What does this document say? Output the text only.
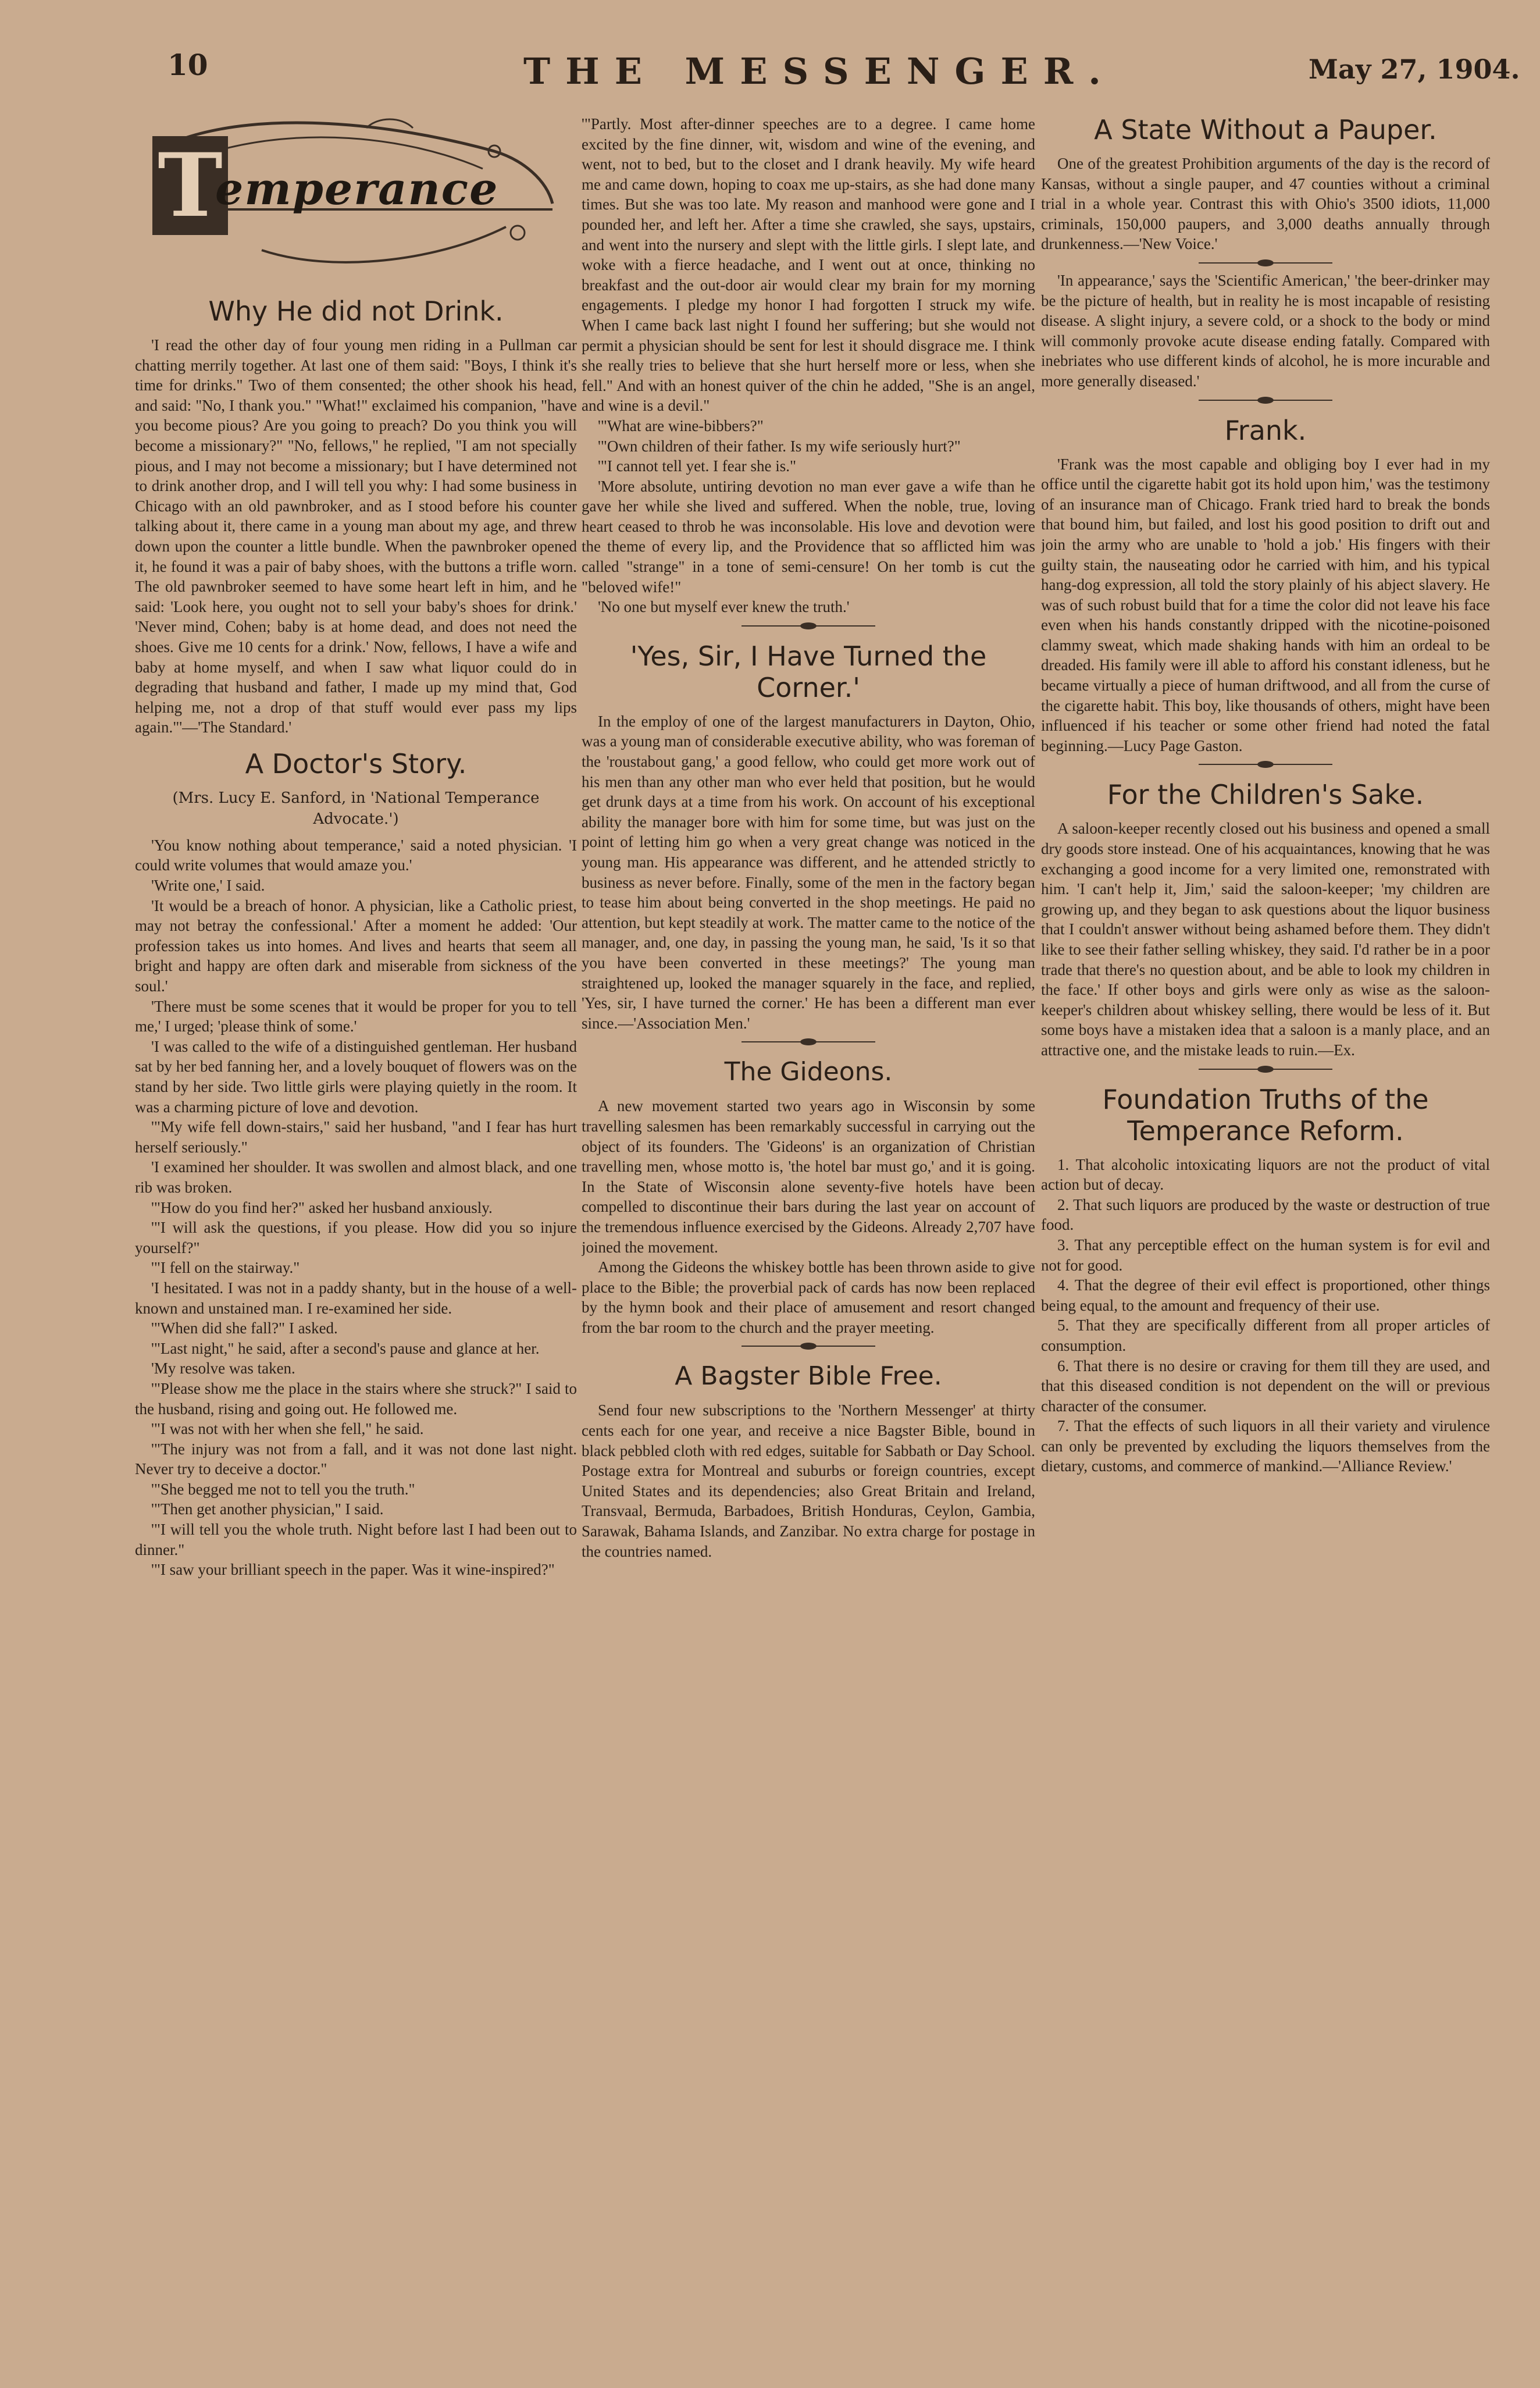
10	THE MESSENGER.	May 27, 1904.
T
emperance
Why He did not Drink.

'I read the other day of four young men riding in a Pullman car chatting merrily together. At last one of them said: "Boys, I think it's time for drinks." Two of them consented; the other shook his head, and said: "No, I thank you." "What!" exclaimed his companion, "have you become pious? Are you going to preach? Do you think you will become a missionary?" "No, fellows," he replied, "I am not specially pious, and I may not become a missionary; but I have determined not to drink another drop, and I will tell you why: I had some business in Chicago with an old pawnbroker, and as I stood before his counter talking about it, there came in a young man about my age, and threw down upon the counter a little bundle. When the pawnbroker opened it, he found it was a pair of baby shoes, with the buttons a trifle worn. The old pawnbroker seemed to have some heart left in him, and he said: 'Look here, you ought not to sell your baby's shoes for drink.' 'Never mind, Cohen; baby is at home dead, and does not need the shoes. Give me 10 cents for a drink.' Now, fellows, I have a wife and baby at home myself, and when I saw what liquor could do in degrading that husband and father, I made up my mind that, God helping me, not a drop of that stuff would ever pass my lips again."'—'The Standard.'

A Doctor's Story.
(Mrs. Lucy E. Sanford, in 'National Temperance Advocate.')

'You know nothing about temperance,' said a noted physician. 'I could write volumes that would amaze you.'

'Write one,' I said.

'It would be a breach of honor. A physician, like a Catholic priest, may not betray the confessional.' After a moment he added: 'Our profession takes us into homes. And lives and hearts that seem all bright and happy are often dark and miserable from sickness of the soul.'

'There must be some scenes that it would be proper for you to tell me,' I urged; 'please think of some.'

'I was called to the wife of a distinguished gentleman. Her husband sat by her bed fanning her, and a lovely bouquet of flowers was on the stand by her side. Two little girls were playing quietly in the room. It was a charming picture of love and devotion.

'"My wife fell down-stairs," said her husband, "and I fear has hurt herself seriously."

'I examined her shoulder. It was swollen and almost black, and one rib was broken.

'"How do you find her?" asked her husband anxiously.

'"I will ask the questions, if you please. How did you so injure yourself?"

'"I fell on the stairway."

'I hesitated. I was not in a paddy shanty, but in the house of a well-known and unstained man. I re-examined her side.

'"When did she fall?" I asked.

'"Last night," he said, after a second's pause and glance at her.

'My resolve was taken.

'"Please show me the place in the stairs where she struck?" I said to the husband, rising and going out. He followed me.

'"I was not with her when she fell," he said.

'"The injury was not from a fall, and it was not done last night. Never try to deceive a doctor."

'"She begged me not to tell you the truth."

'"Then get another physician," I said.

'"I will tell you the whole truth. Night before last I had been out to dinner."

'"I saw your brilliant speech in the paper. Was it wine-inspired?"

'"Partly. Most after-dinner speeches are to a degree. I came home excited by the fine dinner, wit, wisdom and wine of the evening, and went, not to bed, but to the closet and I drank heavily. My wife heard me and came down, hoping to coax me up-stairs, as she had done many times. But she was too late. My reason and manhood were gone and I pounded her, and left her. After a time she crawled, she says, upstairs, and went into the nursery and slept with the little girls. I slept late, and woke with a fierce headache, and I went out at once, thinking no breakfast and the out-door air would clear my brain for my morning engagements. I pledge my honor I had forgotten I struck my wife. When I came back last night I found her suffering; but she would not permit a physician should be sent for lest it should disgrace me. I think she really tries to believe that she hurt herself more or less, when she fell." And with an honest quiver of the chin he added, "She is an angel, and wine is a devil."

'"What are wine-bibbers?"

'"Own children of their father. Is my wife seriously hurt?"

'"I cannot tell yet. I fear she is."

'More absolute, untiring devotion no man ever gave a wife than he gave her while she lived and suffered. When the noble, true, loving heart ceased to throb he was inconsolable. His love and devotion were the theme of every lip, and the Providence that so afflicted him was called "strange" in a tone of semi-censure! On her tomb is cut the "beloved wife!"

'No one but myself ever knew the truth.'

'Yes, Sir, I Have Turned the Corner.'

In the employ of one of the largest manufacturers in Dayton, Ohio, was a young man of considerable executive ability, who was foreman of the 'roustabout gang,' a good fellow, who could get more work out of his men than any other man who ever held that position, but he would get drunk days at a time from his work. On account of his exceptional ability the manager bore with him for some time, but was just on the point of letting him go when a very great change was noticed in the young man. His appearance was different, and he attended strictly to business as never before. Finally, some of the men in the factory began to tease him about being converted in the shop meetings. He paid no attention, but kept steadily at work. The matter came to the notice of the manager, and, one day, in passing the young man, he said, 'Is it so that you have been converted in these meetings?' The young man straightened up, looked the manager squarely in the face, and replied, 'Yes, sir, I have turned the corner.' He has been a different man ever since.—'Association Men.'

The Gideons.

A new movement started two years ago in Wisconsin by some travelling salesmen has been remarkably successful in carrying out the object of its founders. The 'Gideons' is an organization of Christian travelling men, whose motto is, 'the hotel bar must go,' and it is going. In the State of Wisconsin alone seventy-five hotels have been compelled to discontinue their bars during the last year on account of the tremendous influence exercised by the Gideons. Already 2,707 have joined the movement.

Among the Gideons the whiskey bottle has been thrown aside to give place to the Bible; the proverbial pack of cards has now been replaced by the hymn book and their place of amusement and resort changed from the bar room to the church and the prayer meeting.

A Bagster Bible Free.

Send four new subscriptions to the 'Northern Messenger' at thirty cents each for one year, and receive a nice Bagster Bible, bound in black pebbled cloth with red edges, suitable for Sabbath or Day School. Postage extra for Montreal and suburbs or foreign countries, except United States and its dependencies; also Great Britain and Ireland, Transvaal, Bermuda, Barbadoes, British Honduras, Ceylon, Gambia, Sarawak, Bahama Islands, and Zanzibar. No extra charge for postage in the countries named.

A State Without a Pauper.

One of the greatest Prohibition arguments of the day is the record of Kansas, without a single pauper, and 47 counties without a criminal trial in a whole year. Contrast this with Ohio's 3500 idiots, 11,000 criminals, 150,000 paupers, and 3,000 deaths annually through drunkenness.—'New Voice.'

'In appearance,' says the 'Scientific American,' 'the beer-drinker may be the picture of health, but in reality he is most incapable of resisting disease. A slight injury, a severe cold, or a shock to the body or mind will commonly provoke acute disease ending fatally. Compared with inebriates who use different kinds of alcohol, he is more incurable and more generally diseased.'

Frank.

'Frank was the most capable and obliging boy I ever had in my office until the cigarette habit got its hold upon him,' was the testimony of an insurance man of Chicago. Frank tried hard to break the bonds that bound him, but failed, and lost his good position to drift out and join the army who are unable to 'hold a job.' His fingers with their guilty stain, the nauseating odor he carried with him, and his typical hang-dog expression, all told the story plainly of his abject slavery. He was of such robust build that for a time the color did not leave his face even when his hands constantly dripped with the nicotine-poisoned clammy sweat, which made shaking hands with him an ordeal to be dreaded. His family were ill able to afford his constant idleness, but he became virtually a piece of human driftwood, and all from the curse of the cigarette habit. This boy, like thousands of others, might have been influenced if his teacher or some other friend had noted the fatal beginning.—Lucy Page Gaston.

For the Children's Sake.

A saloon-keeper recently closed out his business and opened a small dry goods store instead. One of his acquaintances, knowing that he was exchanging a good income for a very limited one, remonstrated with him. 'I can't help it, Jim,' said the saloon-keeper; 'my children are growing up, and they began to ask questions about the liquor business that I couldn't answer without being ashamed before them. They didn't like to see their father selling whiskey, they said. I'd rather be in a poor trade that there's no question about, and be able to look my children in the face.' If other boys and girls were only as wise as the saloon-keeper's children about whiskey selling, there would be less of it. But some boys have a mistaken idea that a saloon is a manly place, and an attractive one, and the mistake leads to ruin.—Ex.

Foundation Truths of the Temperance Reform.
1. That alcoholic intoxicating liquors are not the product of vital action but of decay.
2. That such liquors are produced by the waste or destruction of true food.
3. That any perceptible effect on the human system is for evil and not for good.
4. That the degree of their evil effect is proportioned, other things being equal, to the amount and frequency of their use.
5. That they are specifically different from all proper articles of consumption.
6. That there is no desire or craving for them till they are used, and that this diseased condition is not dependent on the will or previous character of the consumer.
7. That the effects of such liquors in all their variety and virulence can only be prevented by excluding the liquors themselves from the dietary, customs, and commerce of mankind.—'Alliance Review.'
